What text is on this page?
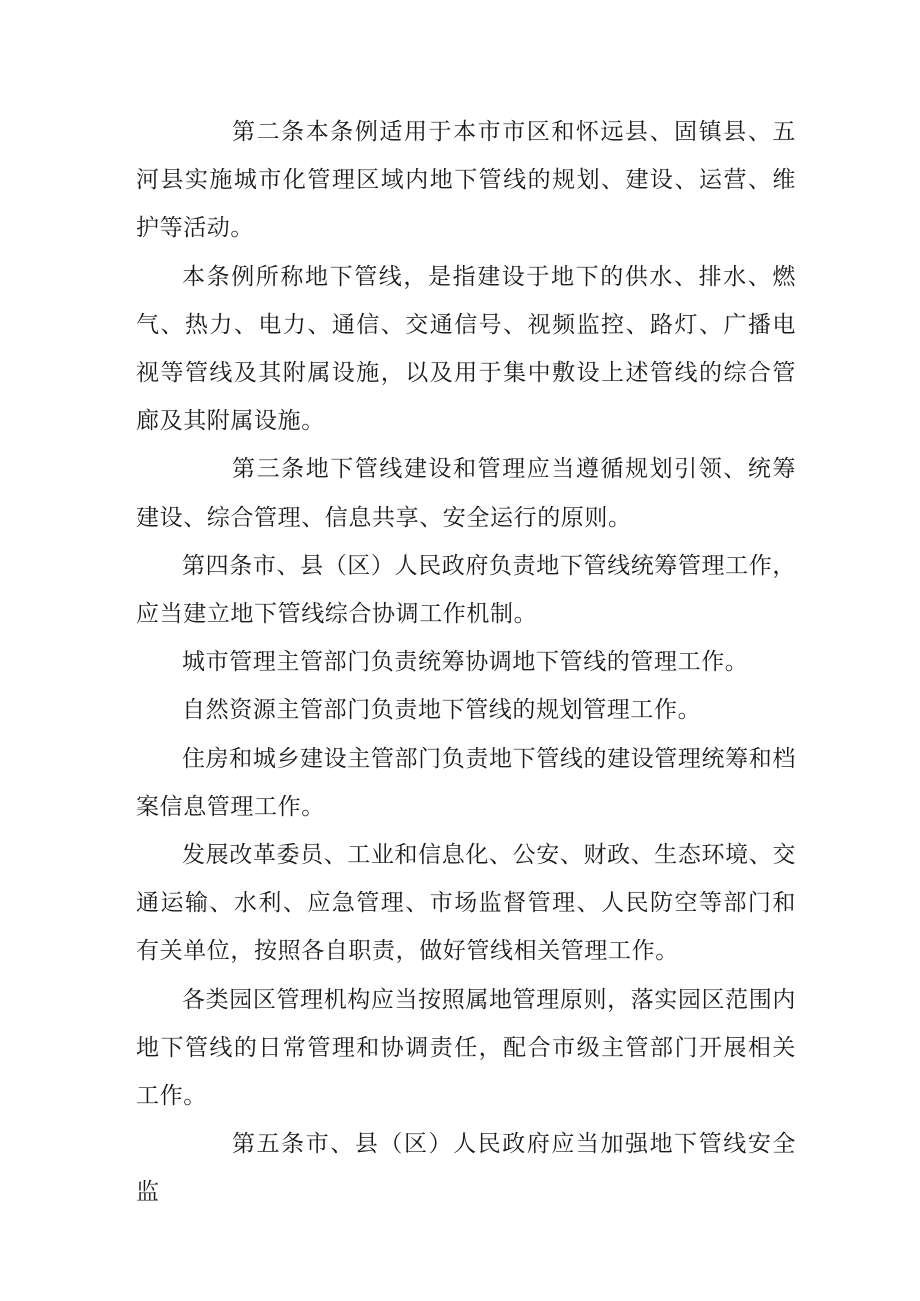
第二条本条例适用于本市市区和怀远县、固镇县、五河县实施城市化管理区域内地下管线的规划、建设、运营、维护等活动。

本条例所称地下管线，是指建设于地下的供水、排水、燃气、热力、电力、通信、交通信号、视频监控、路灯、广播电视等管线及其附属设施，以及用于集中敷设上述管线的综合管廊及其附属设施。

第三条地下管线建设和管理应当遵循规划引领、统筹建设、综合管理、信息共享、安全运行的原则。

第四条市、县（区）人民政府负责地下管线统筹管理工作，应当建立地下管线综合协调工作机制。

城市管理主管部门负责统筹协调地下管线的管理工作。

自然资源主管部门负责地下管线的规划管理工作。

住房和城乡建设主管部门负责地下管线的建设管理统筹和档案信息管理工作。

发展改革委员、工业和信息化、公安、财政、生态环境、交通运输、水利、应急管理、市场监督管理、人民防空等部门和有关单位，按照各自职责，做好管线相关管理工作。

各类园区管理机构应当按照属地管理原则，落实园区范围内地下管线的日常管理和协调责任，配合市级主管部门开展相关工作。

第五条市、县（区）人民政府应当加强地下管线安全监
